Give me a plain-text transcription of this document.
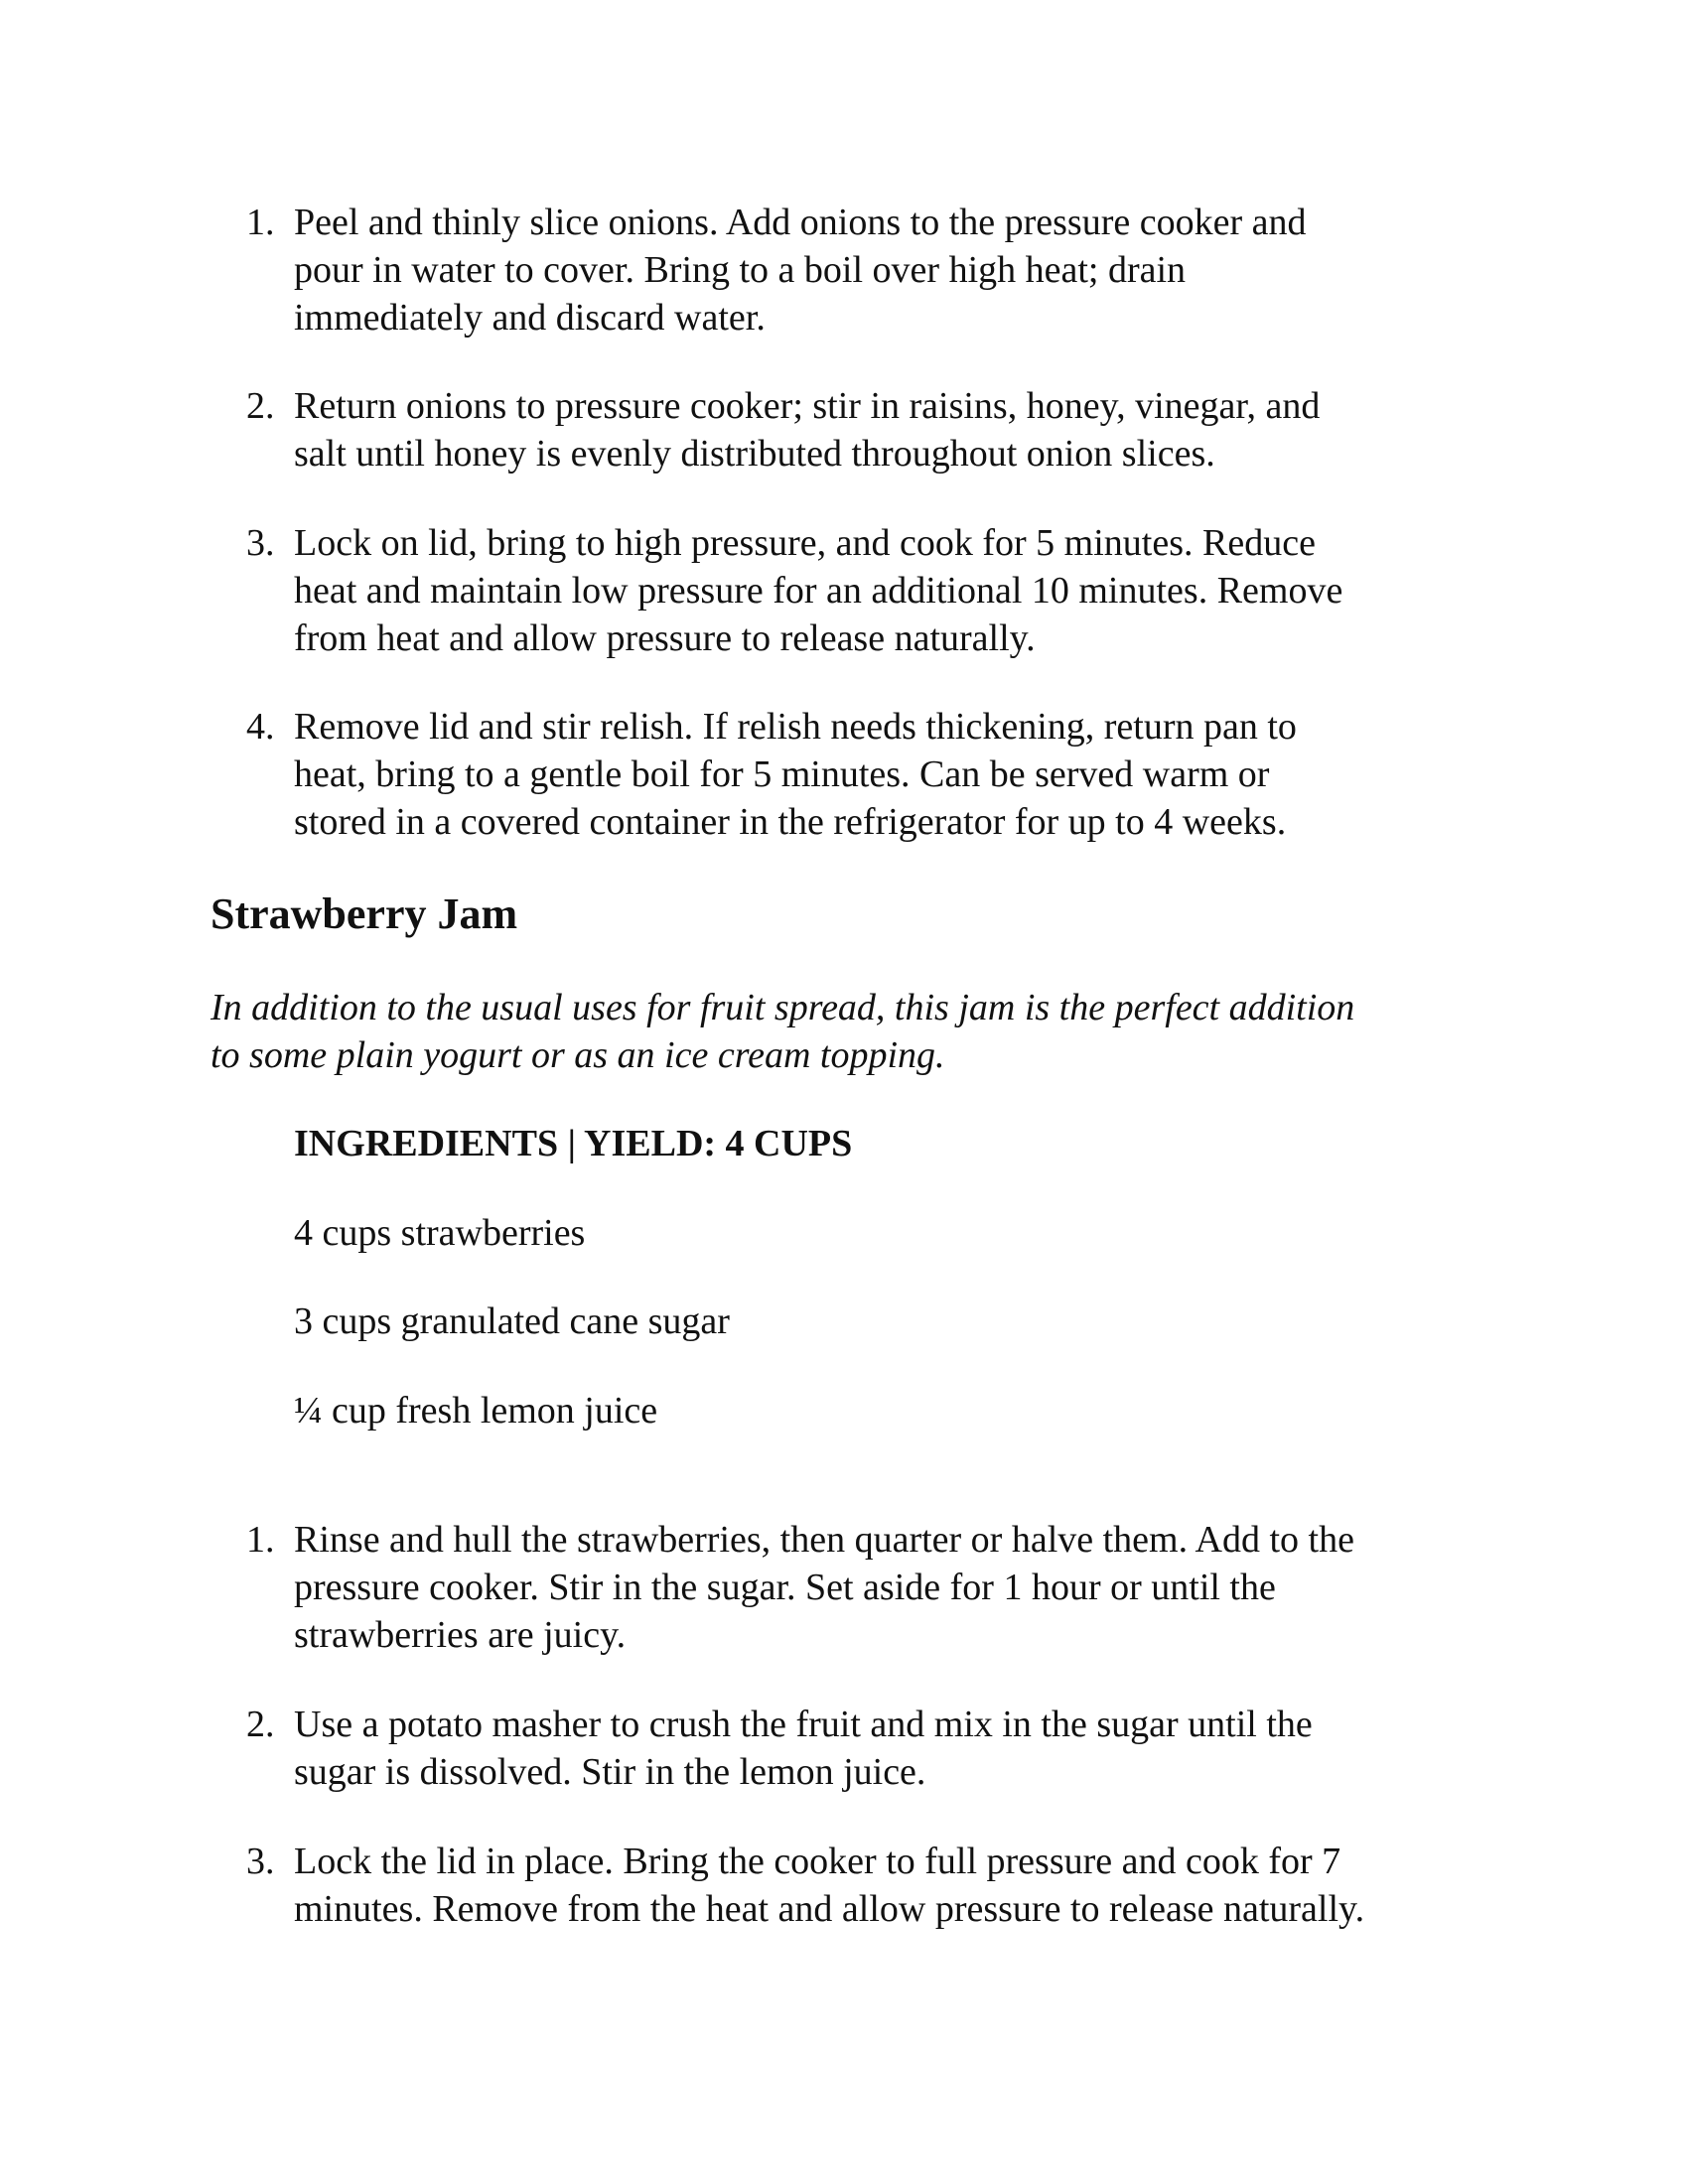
1. Peel and thinly slice onions. Add onions to the pressure cooker and
pour in water to cover. Bring to a boil over high heat; drain
immediately and discard water.
2. Return onions to pressure cooker; stir in raisins, honey, vinegar, and
salt until honey is evenly distributed throughout onion slices.
3. Lock on lid, bring to high pressure, and cook for 5 minutes. Reduce
heat and maintain low pressure for an additional 10 minutes. Remove
from heat and allow pressure to release naturally.
4. Remove lid and stir relish. If relish needs thickening, return pan to
heat, bring to a gentle boil for 5 minutes. Can be served warm or
stored in a covered container in the refrigerator for up to 4 weeks.
Strawberry Jam

In addition to the usual uses for fruit spread, this jam is the perfect addition
to some plain yogurt or as an ice cream topping.

INGREDIENTS | YIELD: 4 CUPS

4 cups strawberries

3 cups granulated cane sugar

¼ cup fresh lemon juice

1. Rinse and hull the strawberries, then quarter or halve them. Add to the
pressure cooker. Stir in the sugar. Set aside for 1 hour or until the
strawberries are juicy.
2. Use a potato masher to crush the fruit and mix in the sugar until the
sugar is dissolved. Stir in the lemon juice.
3. Lock the lid in place. Bring the cooker to full pressure and cook for 7
minutes. Remove from the heat and allow pressure to release naturally.
